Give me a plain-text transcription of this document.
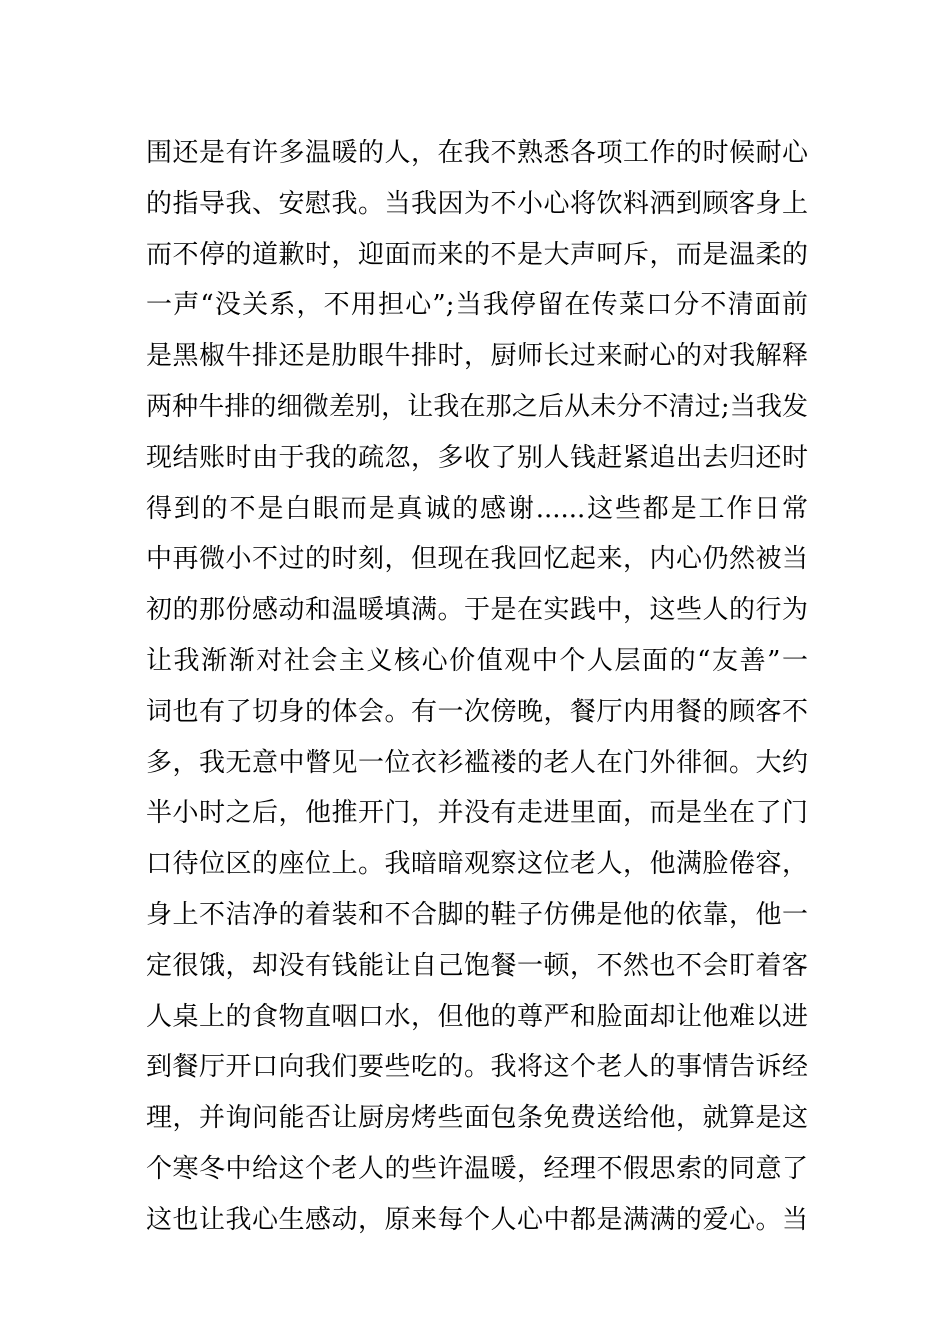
围还是有许多温暖的人，在我不熟悉各项工作的时候耐心
的指导我、安慰我。当我因为不小心将饮料洒到顾客身上
而不停的道歉时，迎面而来的不是大声呵斥，而是温柔的
一声“没关系，不用担心”;当我停留在传菜口分不清面前
是黑椒牛排还是肋眼牛排时，厨师长过来耐心的对我解释
两种牛排的细微差别，让我在那之后从未分不清过;当我发
现结账时由于我的疏忽，多收了别人钱赶紧追出去归还时
得到的不是白眼而是真诚的感谢......这些都是工作日常
中再微小不过的时刻，但现在我回忆起来，内心仍然被当
初的那份感动和温暖填满。于是在实践中，这些人的行为
让我渐渐对社会主义核心价值观中个人层面的“友善”一
词也有了切身的体会。有一次傍晚，餐厅内用餐的顾客不
多，我无意中瞥见一位衣衫褴褛的老人在门外徘徊。大约
半小时之后，他推开门，并没有走进里面，而是坐在了门
口待位区的座位上。我暗暗观察这位老人，他满脸倦容，
身上不洁净的着装和不合脚的鞋子仿佛是他的依靠，他一
定很饿，却没有钱能让自己饱餐一顿，不然也不会盯着客
人桌上的食物直咽口水，但他的尊严和脸面却让他难以进
到餐厅开口向我们要些吃的。我将这个老人的事情告诉经
理，并询问能否让厨房烤些面包条免费送给他，就算是这
个寒冬中给这个老人的些许温暖，经理不假思索的同意了
这也让我心生感动，原来每个人心中都是满满的爱心。当
